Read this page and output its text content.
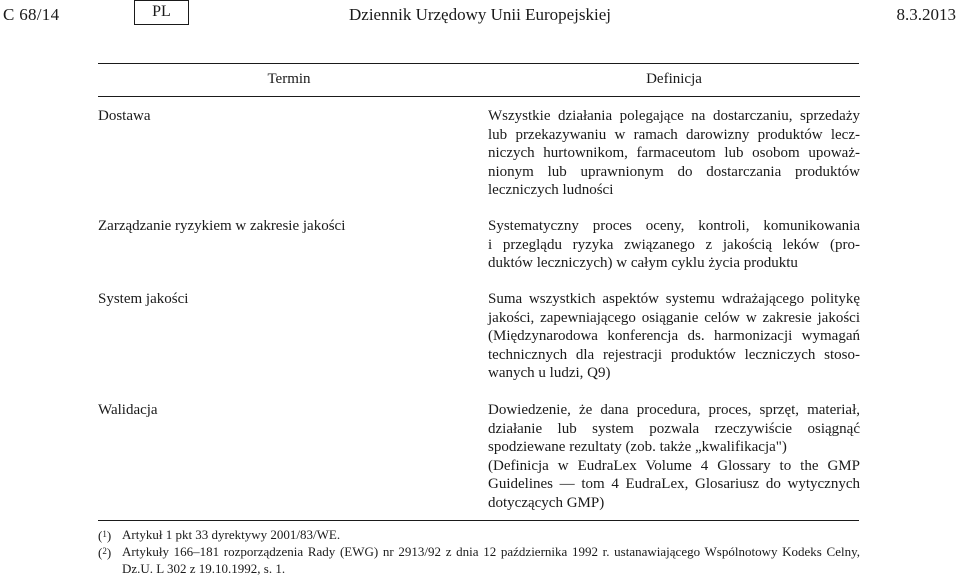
C 68/14	PL	Dziennik Urzędowy Unii Europejskiej	8.3.2013
Termin	Definicja
Dostawa	Wszystkie działania polegające na dostarczaniu, sprzedaży
lub przekazywaniu w ramach darowizny produktów lecz-
niczych hurtownikom, farmaceutom lub osobom upoważ-
nionym lub uprawnionym do dostarczania produktów
leczniczych ludności
Zarządzanie ryzykiem w zakresie jakości	Systematyczny proces oceny, kontroli, komunikowania
i przeglądu ryzyka związanego z jakością leków (pro-
duktów leczniczych) w całym cyklu życia produktu
System jakości	Suma wszystkich aspektów systemu wdrażającego politykę
jakości, zapewniającego osiąganie celów w zakresie jakości
(Międzynarodowa konferencja ds. harmonizacji wymagań
technicznych dla rejestracji produktów leczniczych stoso-
wanych u ludzi, Q9)
Walidacja	Dowiedzenie, że dana procedura, proces, sprzęt, materiał,
działanie lub system pozwala rzeczywiście osiągnąć
spodziewane rezultaty (zob. także „kwalifikacja")
(Definicja w EudraLex Volume 4 Glossary to the GMP
Guidelines — tom 4 EudraLex, Glosariusz do wytycznych
dotyczących GMP)
($^1$) Artykuł 1 pkt 33 dyrektywy 2001/83/WE.
($^2$) Artykuły 166–181 rozporządzenia Rady (EWG) nr 2913/92 z dnia 12 października 1992 r. ustanawiającego Wspólnotowy Kodeks Celny, Dz.U. L 302 z 19.10.1992, s. 1.
